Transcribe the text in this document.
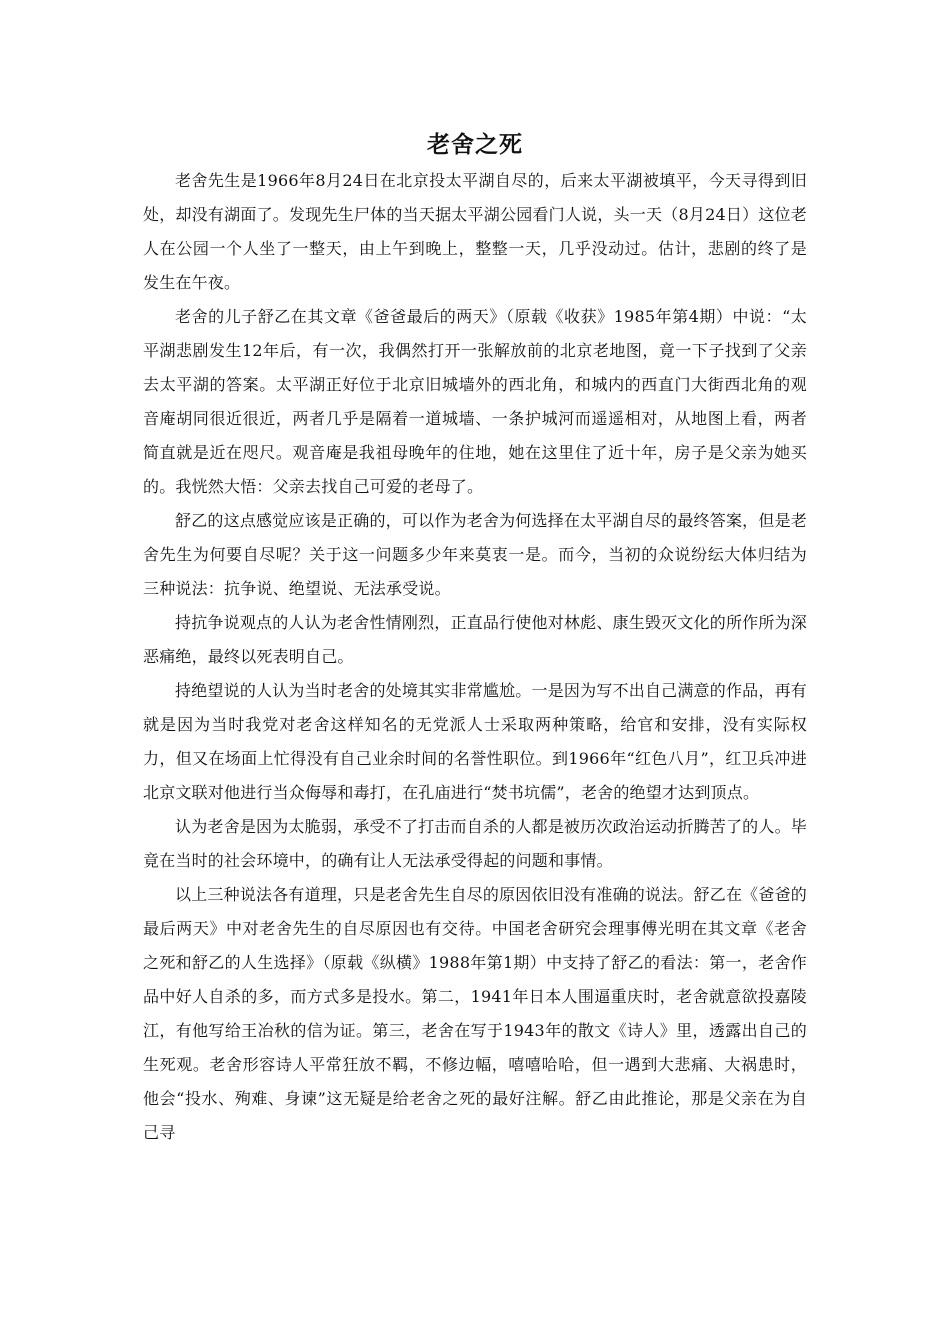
老舍之死

老舍先生是1966年8月24日在北京投太平湖自尽的，后来太平湖被填平，今天寻得到旧处，却没有湖面了。发现先生尸体的当天据太平湖公园看门人说，头一天（8月24日）这位老人在公园一个人坐了一整天，由上午到晚上，整整一天，几乎没动过。估计，悲剧的终了是发生在午夜。

老舍的儿子舒乙在其文章《爸爸最后的两天》（原载《收获》1985年第4期）中说：“太平湖悲剧发生12年后，有一次，我偶然打开一张解放前的北京老地图，竟一下子找到了父亲去太平湖的答案。太平湖正好位于北京旧城墙外的西北角，和城内的西直门大街西北角的观音庵胡同很近很近，两者几乎是隔着一道城墙、一条护城河而遥遥相对，从地图上看，两者简直就是近在咫尺。观音庵是我祖母晚年的住地，她在这里住了近十年，房子是父亲为她买的。我恍然大悟：父亲去找自己可爱的老母了。

舒乙的这点感觉应该是正确的，可以作为老舍为何选择在太平湖自尽的最终答案，但是老舍先生为何要自尽呢？关于这一问题多少年来莫衷一是。而今，当初的众说纷纭大体归结为三种说法：抗争说、绝望说、无法承受说。

持抗争说观点的人认为老舍性情刚烈，正直品行使他对林彪、康生毁灭文化的所作所为深恶痛绝，最终以死表明自己。

持绝望说的人认为当时老舍的处境其实非常尴尬。一是因为写不出自己满意的作品，再有就是因为当时我党对老舍这样知名的无党派人士采取两种策略，给官和安排，没有实际权力，但又在场面上忙得没有自己业余时间的名誉性职位。到1966年“红色八月”，红卫兵冲进北京文联对他进行当众侮辱和毒打，在孔庙进行“焚书坑儒”，老舍的绝望才达到顶点。

认为老舍是因为太脆弱，承受不了打击而自杀的人都是被历次政治运动折腾苦了的人。毕竟在当时的社会环境中，的确有让人无法承受得起的问题和事情。

以上三种说法各有道理，只是老舍先生自尽的原因依旧没有准确的说法。舒乙在《爸爸的最后两天》中对老舍先生的自尽原因也有交待。中国老舍研究会理事傅光明在其文章《老舍之死和舒乙的人生选择》（原载《纵横》1988年第1期）中支持了舒乙的看法：第一，老舍作品中好人自杀的多，而方式多是投水。第二，1941年日本人围逼重庆时，老舍就意欲投嘉陵江，有他写给王冶秋的信为证。第三，老舍在写于1943年的散文《诗人》里，透露出自己的生死观。老舍形容诗人平常狂放不羁，不修边幅，嘻嘻哈哈，但一遇到大悲痛、大祸患时，他会“投水、殉难、身谏”这无疑是给老舍之死的最好注解。舒乙由此推论，那是父亲在为自己寻
